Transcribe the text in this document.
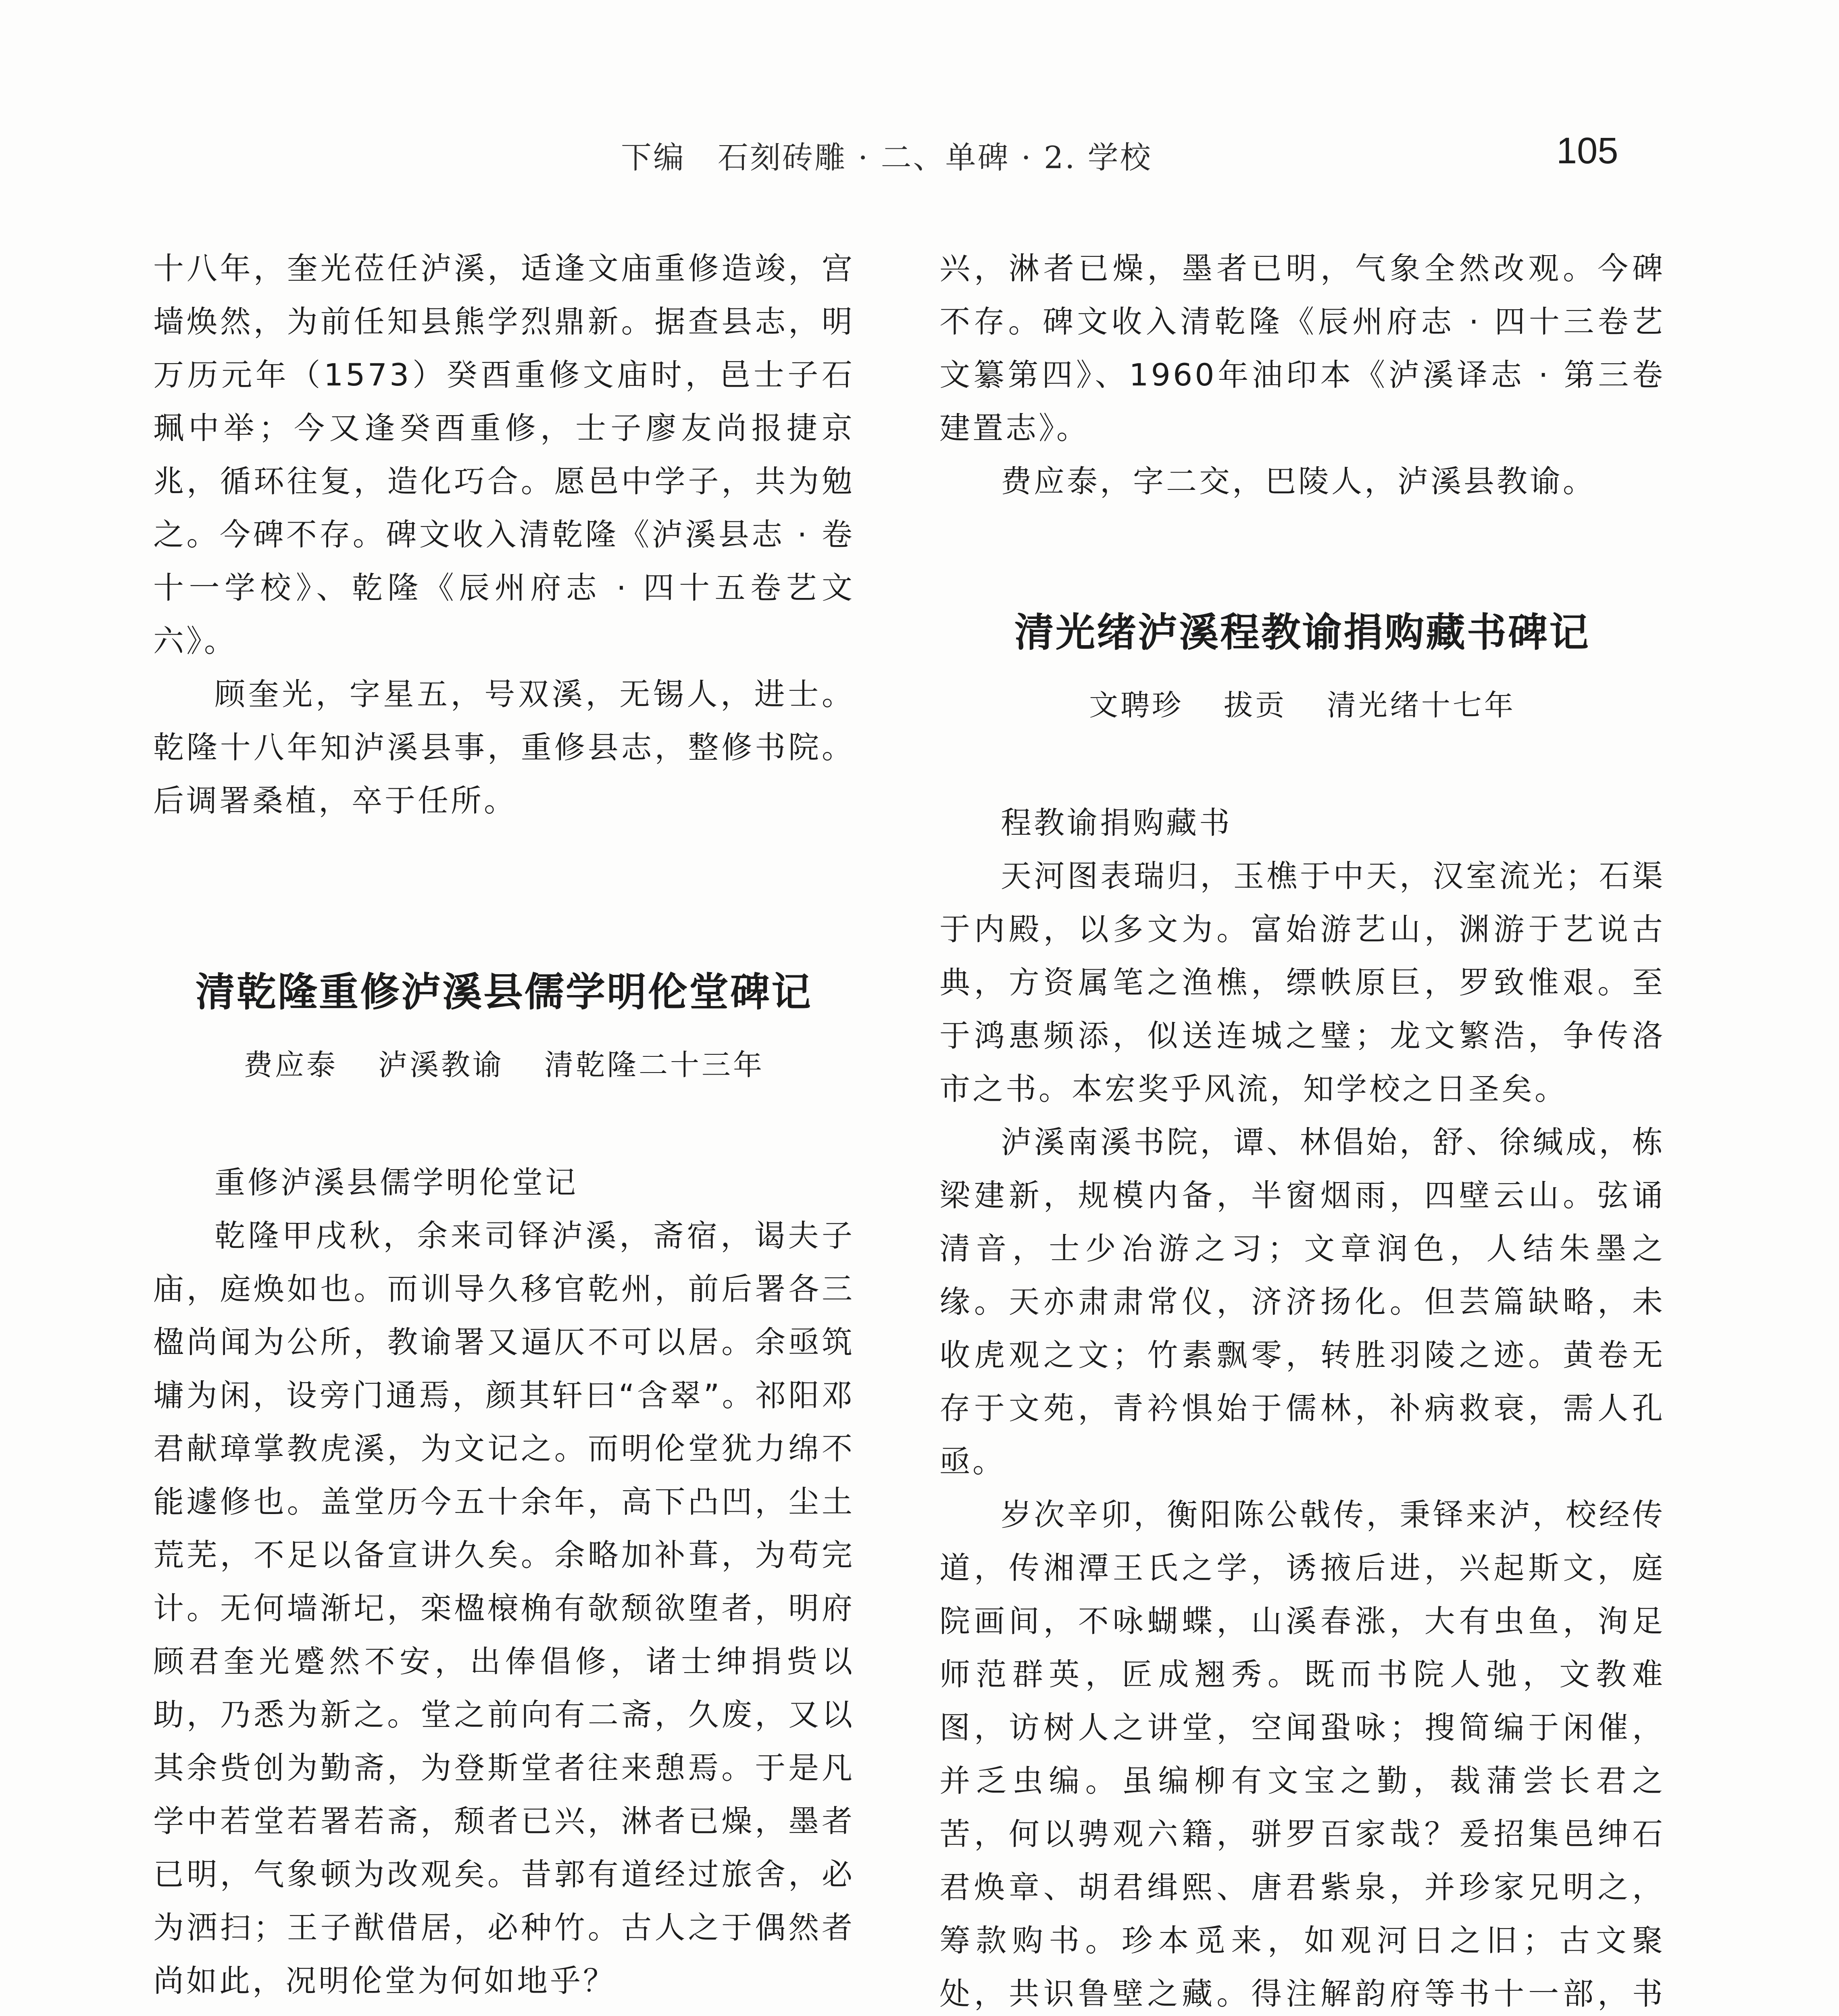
下编　石刻砖雕 · 二、单碑 · 2. 学校	105

十八年，奎光莅任泸溪，适逢文庙重修造竣，宫墙焕然，为前任知县熊学烈鼎新。据查县志，明万历元年（1573）癸酉重修文庙时，邑士子石珮中举；今又逢癸酉重修，士子廖友尚报捷京兆，循环往复，造化巧合。愿邑中学子，共为勉之。今碑不存。碑文收入清乾隆《泸溪县志 · 卷十一学校》、乾隆《辰州府志 · 四十五卷艺文六》。

顾奎光，字星五，号双溪，无锡人，进士。乾隆十八年知泸溪县事，重修县志，整修书院。后调署桑植，卒于任所。

清乾隆重修泸溪县儒学明伦堂碑记

费应泰 泸溪教谕 清乾隆二十三年

重修泸溪县儒学明伦堂记

乾隆甲戌秋，余来司铎泸溪，斋宿，谒夫子庙，庭焕如也。而训导久移官乾州，前后署各三楹尚闻为公所，教谕署又逼仄不可以居。余亟筑墉为闲，设旁门通焉，颜其轩曰“含翠”。祁阳邓君献璋掌教虎溪，为文记之。而明伦堂犹力绵不能遽修也。盖堂历今五十余年，高下凸凹，尘土荒芜，不足以备宣讲久矣。余略加补葺，为苟完计。无何墙渐圮，栾楹榱桷有欹颓欲堕者，明府顾君奎光蹙然不安，出俸倡修，诸士绅捐赀以助，乃悉为新之。堂之前向有二斋，久废，又以其余赀创为勤斋，为登斯堂者往来憩焉。于是凡学中若堂若署若斋，颓者已兴，淋者已燥，墨者已明，气象顿为改观矣。昔郭有道经过旅舍，必为洒扫；王子猷借居，必种竹。古人之于偶然者尚如此，况明伦堂为何如地乎？

兴，淋者已燥，墨者已明，气象全然改观。今碑不存。碑文收入清乾隆《辰州府志 · 四十三卷艺文纂第四》、1960年油印本《泸溪译志 · 第三卷建置志》。

费应泰，字二交，巴陵人，泸溪县教谕。

清光绪泸溪程教谕捐购藏书碑记

文聘珍 拔贡 清光绪十七年

程教谕捐购藏书

天河图表瑞归，玉樵于中天，汉室流光；石渠于内殿，以多文为。富始游艺山，渊游于艺说古典，方资属笔之渔樵，缥帙原巨，罗致惟艰。至于鸿惠频添，似送连城之璧；龙文繁浩，争传洛市之书。本宏奖乎风流，知学校之日圣矣。

泸溪南溪书院，谭、林倡始，舒、徐缄成，栋梁建新，规模内备，半窗烟雨，四壁云山。弦诵清音，士少冶游之习；文章润色，人结朱墨之缘。天亦肃肃常仪，济济扬化。但芸篇缺略，未收虎观之文；竹素飘零，转胜羽陵之迹。黄卷无存于文苑，青衿惧始于儒林，补病救衰，需人孔亟。

岁次辛卯，衡阳陈公戟传，秉铎来泸，校经传道，传湘潭王氏之学，诱掖后进，兴起斯文，庭院画间，不咏蝴蝶，山溪春涨，大有虫鱼，洵足师范群英，匠成翘秀。既而书院人弛，文教难图，访树人之讲堂，空闻蛩咏；搜简编于闲催，并乏虫编。虽编柳有文宝之勤，裁蒲尝长君之苦，何以骋观六籍，骈罗百家哉？爰招集邑绅石君焕章、胡君缉熙、唐君紫泉，并珍家兄明之，筹款购书。珍本觅来，如观河日之旧；古文聚处，共识鲁壁之藏。得注解韵府等书十一部，书
